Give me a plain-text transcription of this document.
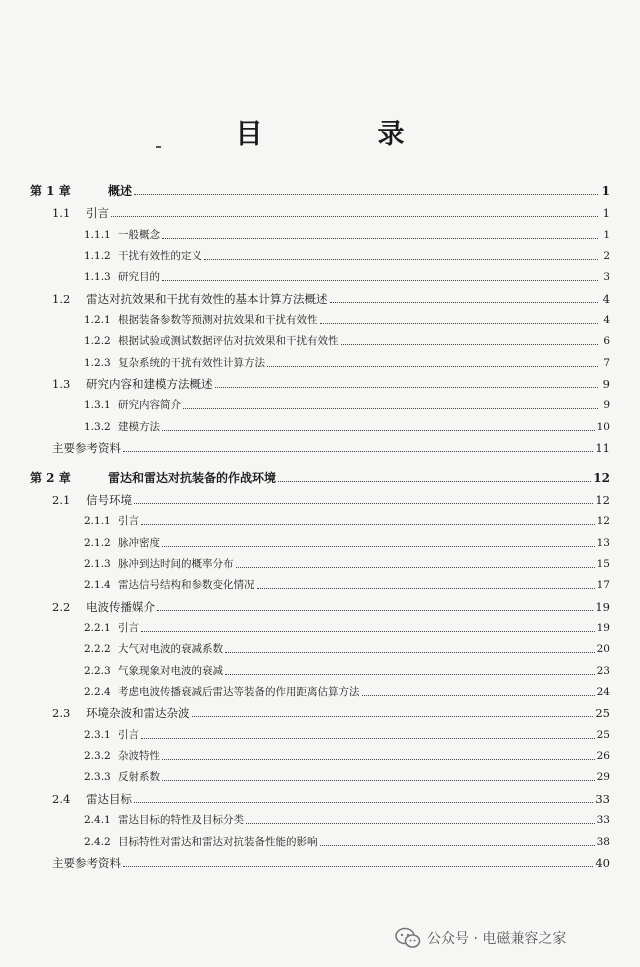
目　录
第 1 章	概述	1
1.1	引言	1
1.1.1 一般概念	1
1.1.2 干扰有效性的定义	2
1.1.3 研究目的	3
1.2	雷达对抗效果和干扰有效性的基本计算方法概述	4
1.2.1 根据装备参数等预测对抗效果和干扰有效性	4
1.2.2 根据试验或测试数据评估对抗效果和干扰有效性	6
1.2.3 复杂系统的干扰有效性计算方法	7
1.3	研究内容和建模方法概述	9
1.3.1 研究内容简介	9
1.3.2 建模方法	10
主要参考资料	11
第 2 章	雷达和雷达对抗装备的作战环境	12
2.1	信号环境	12
2.1.1 引言	12
2.1.2 脉冲密度	13
2.1.3 脉冲到达时间的概率分布	15
2.1.4 雷达信号结构和参数变化情况	17
2.2	电波传播媒介	19
2.2.1 引言	19
2.2.2 大气对电波的衰减系数	20
2.2.3 气象现象对电波的衰减	23
2.2.4 考虑电波传播衰减后雷达等装备的作用距离估算方法	24
2.3	环境杂波和雷达杂波	25
2.3.1 引言	25
2.3.2 杂波特性	26
2.3.3 反射系数	29
2.4	雷达目标	33
2.4.1 雷达目标的特性及目标分类	33
2.4.2 目标特性对雷达和雷达对抗装备性能的影响	38
主要参考资料	40
公众号 · 电磁兼容之家
